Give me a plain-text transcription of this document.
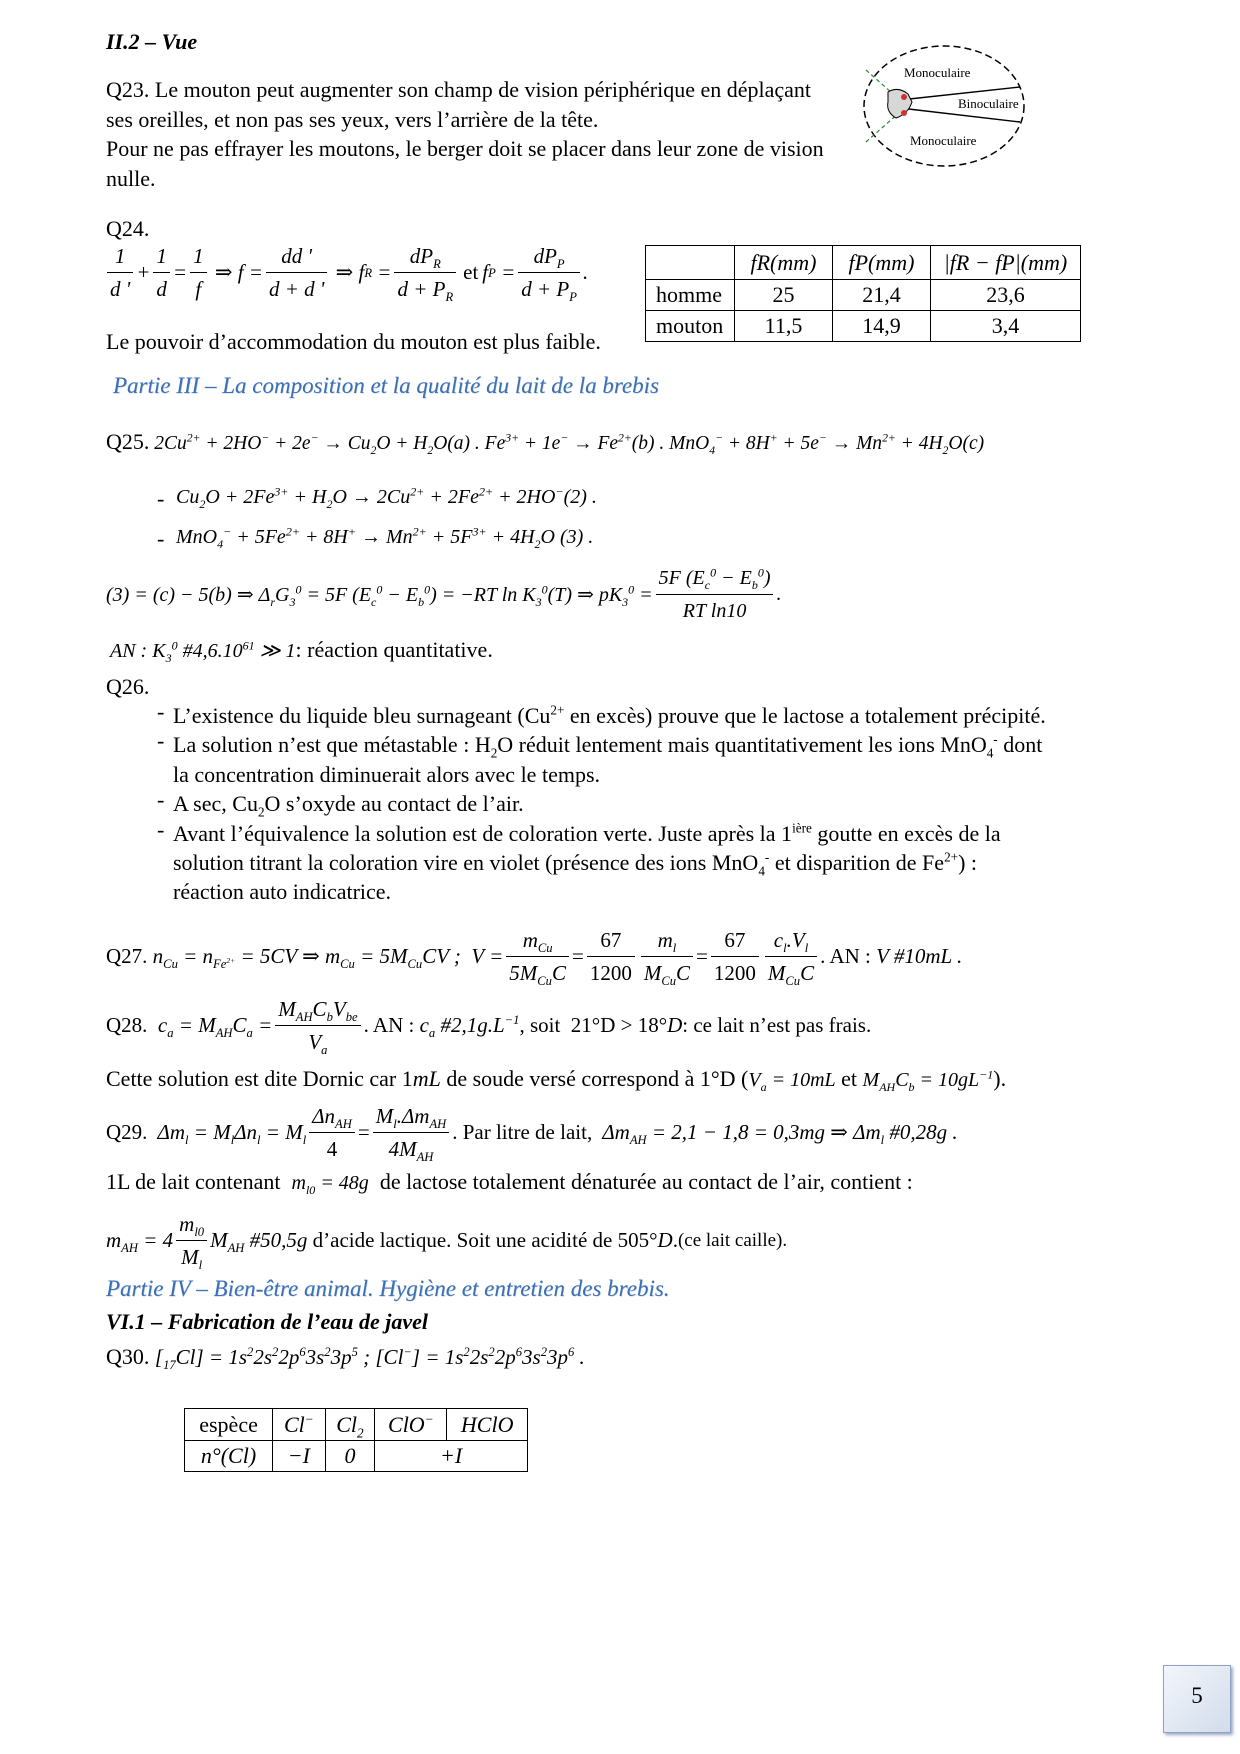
II.2 – Vue
Q23. Le mouton peut augmenter son champ de vision périphérique en déplaçant
ses oreilles, et non pas ses yeux, vers l’arrière de la tête.
Pour ne pas effrayer les moutons, le berger doit se placer dans leur zone de vision
nulle.
Monoculaire
Binoculaire
Monoculaire
Q24.
$\frac{1}{d '} + \frac{1}{d} = \frac{1}{f}$ ⇒ $f = \frac{dd '}{d + d '}$ ⇒ f $R = \frac{dP_R}{d + P_R}$ et f $P = \frac{dP_P}{d + P_P}$ .
Le pouvoir d’accommodation du mouton est plus faible.
	fR(mm)	fP(mm)	|fR − fP|(mm)
homme	25	21,4	23,6
mouton	11,5	14,9	3,4
Partie III – La composition et la qualité du lait de la brebis
Q25. $2Cu^{2+} + 2HO^- + 2e^- \to Cu_2O + H_2O(a)$ . $Fe^{3+} + 1e^- \to Fe^{2+}(b)$ . $MnO_4^- + 8H^+ + 5e^- \to Mn^{2+} + 4H_2O(c)$
- $Cu_2O + 2Fe^{3+} + H_2O \to 2Cu^{2+} + 2Fe^{2+} + 2HO^-(2)$ .
- $MnO_4^- + 5Fe^{2+} + 8H^+ \to Mn^{2+} + 5F^{3+} + 4H_2O$ (3) .
(3) = (c) − 5(b) ⇒ $\Delta_rG_3^0 = 5F$ $(E_c^0 - E_b^0) = -RT$ $\ln K_3^0(T)$ ⇒ $pK_3^0 = \frac{5F (E_c^0 - E_b^0)}{\text{RT ln10}}$ .
AN : $K_3^0$ #4,6.10$^{61}$ ≫ 1: réaction quantitative.
Q26.
- L’existence du liquide bleu surnageant ($Cu^{2+}$ en excès) prouve que le lactose a totalement précipité.
- La solution n’est que métastable : $H_2O$ réduit lentement mais quantitativement les ions MnO$_4$- dont
la concentration diminuerait alors avec le temps.
- A sec, $Cu_2O$ s’oxyde au contact de l’air.
- Avant l’équivalence la solution est de coloration verte. Juste après la $1^{ière}$ goutte en excès de la
solution titrant la coloration vire en violet (présence des ions MnO$_4$- et disparition de $Fe^{2+}$) :
réaction auto indicatrice.
Q27. $n_{Cu} = n_{Fe^{2+}} = 5CV$ ⇒ $m_{Cu} = 5M_{Cu}CV$ ;  $V = \frac{m_{Cu}}{5M_{Cu}C} = \frac{67}{1200} \frac{m_l}{M_{Cu}C} = \frac{67}{1200} \frac{c_l.V_l}{M_{Cu}C}$ . AN : V #10mL .
Q28. $c_a = M_{AH}C_a = \frac{M_{AH}C_bV_{be}}{V_a}$ . AN : $c_a$ $\#2,1g.L^{-1}$ , soit 21°D > 18°D : ce lait n’est pas frais.
Cette solution est dite Dornic car 1mL de soude versé correspond à 1°D ($V_a = 10mL$ et $M_{AH}C_b = 10gL^{-1}$).
Q29. $\Delta m_l = M_l\Delta n_l = M_l \frac{\Delta n_{AH}}{4} = \frac{M_l.\Delta m_{AH}}{4M_{AH}}$ . Par litre de lait, $\Delta m_{AH} = 2,1 - 1,8 = 0,3mg$ ⇒ $\Delta m_l$ #0,28g .
1L de lait contenant $m_{l0} = 48g$ de lactose totalement dénaturée au contact de l’air, contient :
$m_{AH} = 4 \frac{m_{l0}}{M_l} M_{AH}$ #50,5g
d’acide lactique. Soit une acidité de
505°D. (ce lait caille).
Partie IV – Bien-être animal. Hygiène et entretien des brebis.
VI.1 – Fabrication de l’eau de javel
Q30. $[_{17}Cl] = 1s^22s^22p^63s^23p^5$ ; $[Cl^-] = 1s^22s^22p^63s^23p^6$ .
espèce	Cl−	$Cl_2$	ClO−	HClO
n°(Cl)	−I	0	+I	
5
